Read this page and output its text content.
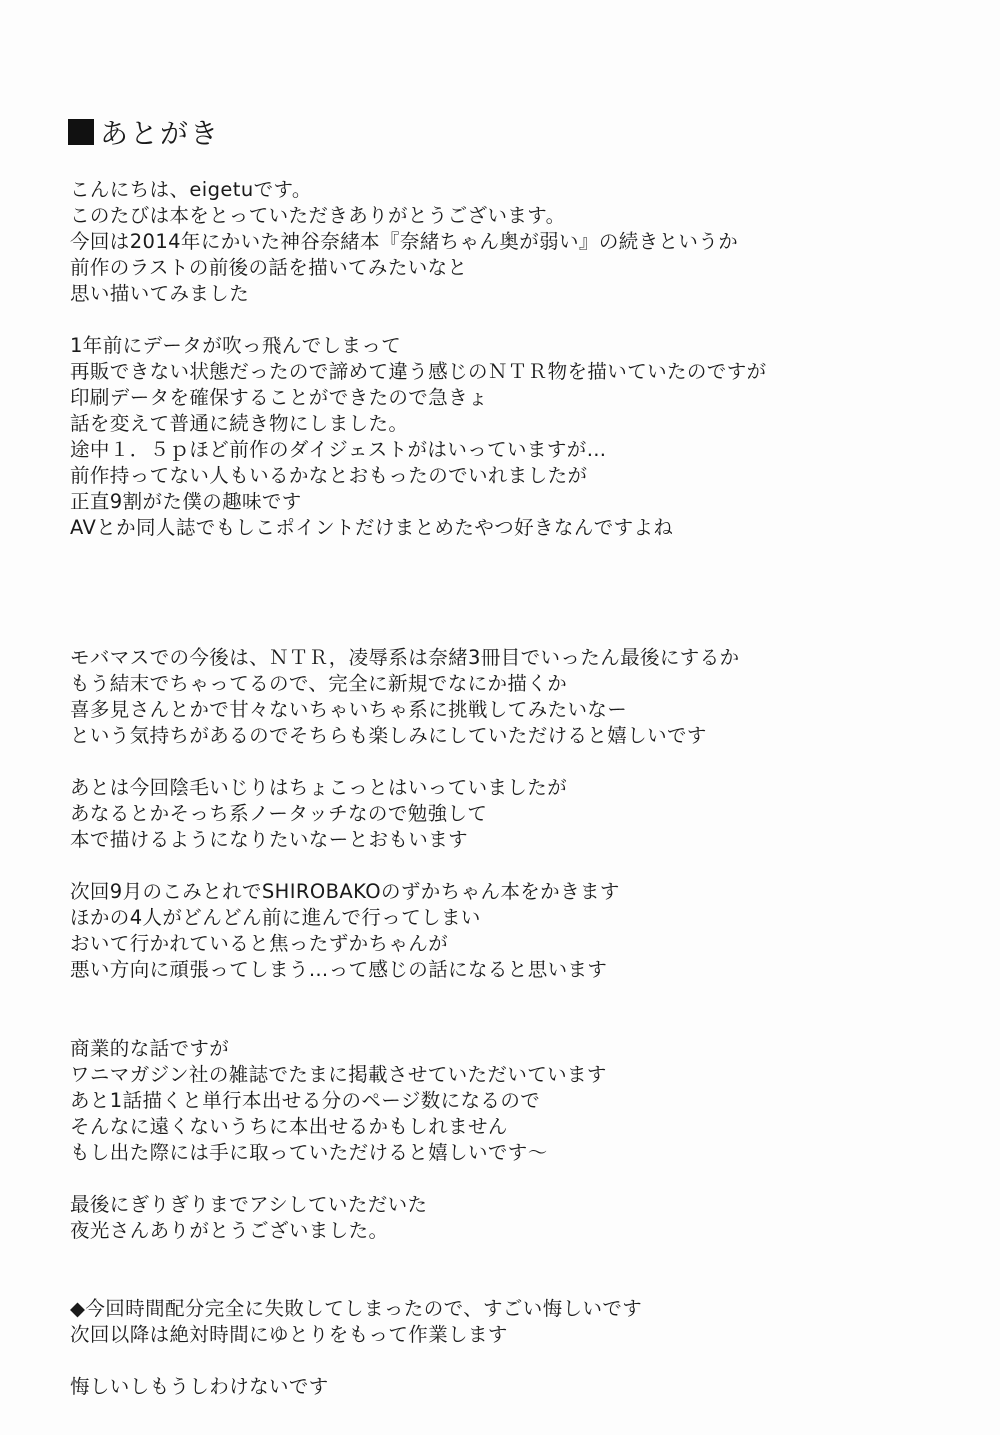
あとがき
こんにちは、eigetuです。
このたびは本をとっていただきありがとうございます。
今回は2014年にかいた神谷奈緒本『奈緒ちゃん奥が弱い』の続きというか
前作のラストの前後の話を描いてみたいなと
思い描いてみました
1年前にデータが吹っ飛んでしまって
再販できない状態だったので諦めて違う感じのＮＴＲ物を描いていたのですが
印刷データを確保することができたので急きょ
話を変えて普通に続き物にしました。
途中１．５ｐほど前作のダイジェストがはいっていますが…
前作持ってない人もいるかなとおもったのでいれましたが
正直9割がた僕の趣味です
AVとか同人誌でもしこポイントだけまとめたやつ好きなんですよね
モバマスでの今後は、ＮＴＲ，凌辱系は奈緒3冊目でいったん最後にするか
もう結末でちゃってるので、完全に新規でなにか描くか
喜多見さんとかで甘々ないちゃいちゃ系に挑戦してみたいなー
という気持ちがあるのでそちらも楽しみにしていただけると嬉しいです
あとは今回陰毛いじりはちょこっとはいっていましたが
あなるとかそっち系ノータッチなので勉強して
本で描けるようになりたいなーとおもいます
次回9月のこみとれでSHIROBAKOのずかちゃん本をかきます
ほかの4人がどんどん前に進んで行ってしまい
おいて行かれていると焦ったずかちゃんが
悪い方向に頑張ってしまう…って感じの話になると思います
商業的な話ですが
ワニマガジン社の雑誌でたまに掲載させていただいています
あと1話描くと単行本出せる分のページ数になるので
そんなに遠くないうちに本出せるかもしれません
もし出た際には手に取っていただけると嬉しいです～
最後にぎりぎりまでアシしていただいた
夜光さんありがとうございました。
◆今回時間配分完全に失敗してしまったので、すごい悔しいです
次回以降は絶対時間にゆとりをもって作業します
悔しいしもうしわけないです
